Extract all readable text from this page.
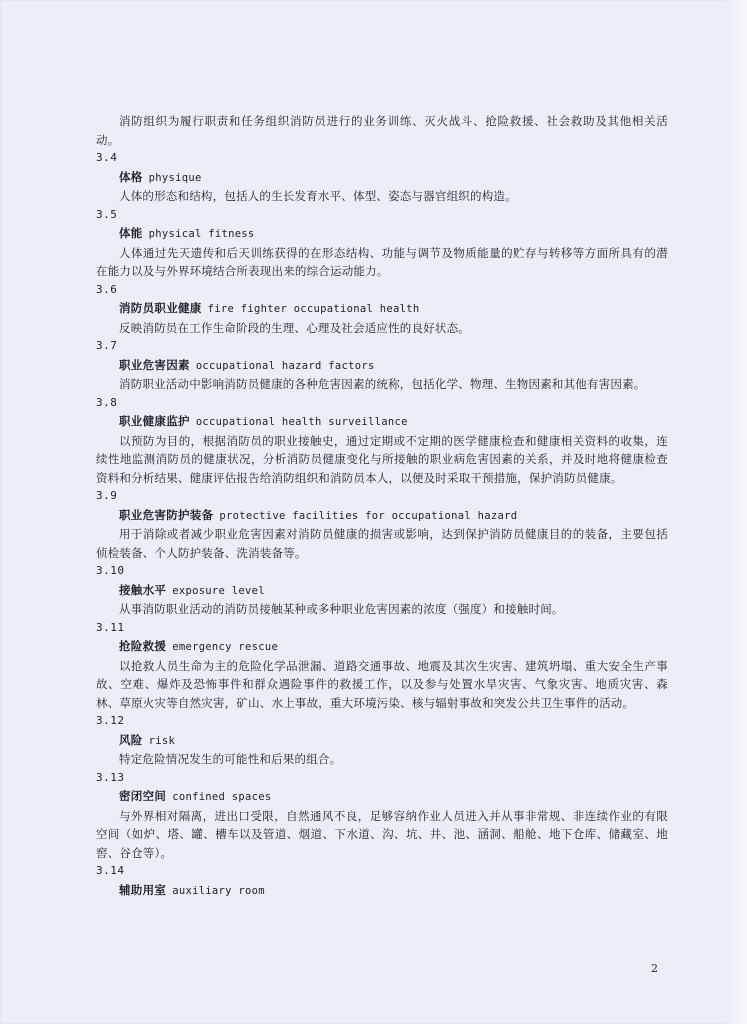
消防组织为履行职责和任务组织消防员进行的业务训练、灭火战斗、抢险救援、社会救助及其他相关活动。

3.4

体格 physique

人体的形态和结构，包括人的生长发育水平、体型、姿态与器官组织的构造。

3.5

体能 physical fitness

人体通过先天遗传和后天训练获得的在形态结构、功能与调节及物质能量的贮存与转移等方面所具有的潜在能力以及与外界环境结合所表现出来的综合运动能力。

3.6

消防员职业健康 fire fighter occupational health

反映消防员在工作生命阶段的生理、心理及社会适应性的良好状态。

3.7

职业危害因素 occupational hazard factors

消防职业活动中影响消防员健康的各种危害因素的统称，包括化学、物理、生物因素和其他有害因素。

3.8

职业健康监护 occupational health surveillance

以预防为目的，根据消防员的职业接触史，通过定期或不定期的医学健康检查和健康相关资料的收集，连续性地监测消防员的健康状况，分析消防员健康变化与所接触的职业病危害因素的关系，并及时地将健康检查资料和分析结果、健康评估报告给消防组织和消防员本人，以便及时采取干预措施，保护消防员健康。

3.9

职业危害防护装备 protective facilities for occupational hazard

用于消除或者减少职业危害因素对消防员健康的损害或影响，达到保护消防员健康目的的装备，主要包括侦检装备、个人防护装备、洗消装备等。

3.10

接触水平 exposure level

从事消防职业活动的消防员接触某种或多种职业危害因素的浓度（强度）和接触时间。

3.11

抢险救援 emergency rescue

以抢救人员生命为主的危险化学品泄漏、道路交通事故、地震及其次生灾害、建筑坍塌、重大安全生产事故、空难、爆炸及恐怖事件和群众遇险事件的救援工作，以及参与处置水旱灾害、气象灾害、地质灾害、森林、草原火灾等自然灾害，矿山、水上事故，重大环境污染、核与辐射事故和突发公共卫生事件的活动。

3.12

风险 risk

特定危险情况发生的可能性和后果的组合。

3.13

密闭空间 confined spaces

与外界相对隔离，进出口受限，自然通风不良，足够容纳作业人员进入并从事非常规、非连续作业的有限空间（如炉、塔、罐、槽车以及管道、烟道、下水道、沟、坑、井、池、涵洞、船舱、地下仓库、储藏室、地窖、谷仓等）。

3.14

辅助用室 auxiliary room

2
